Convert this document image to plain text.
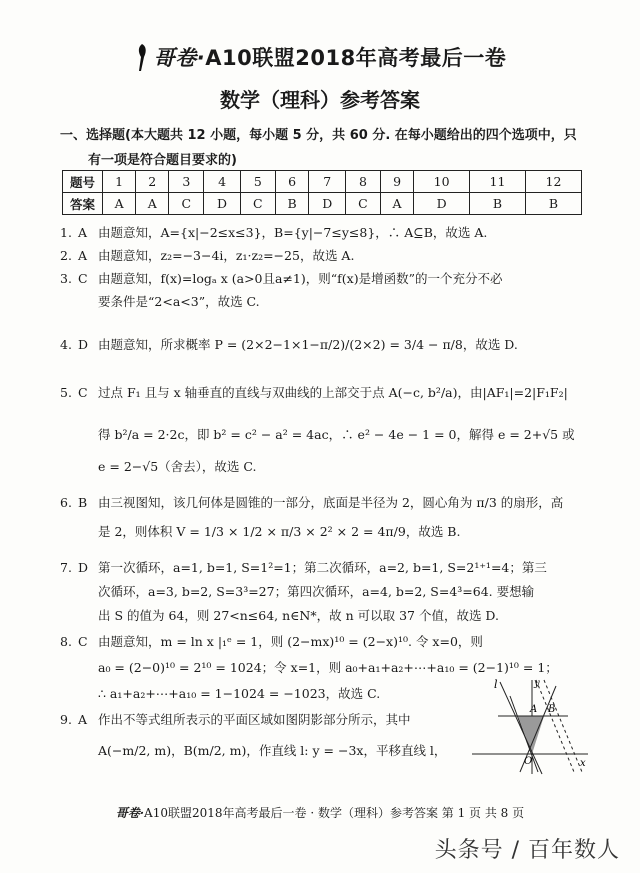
哥卷·A10联盟2018年高考最后一卷
数学（理科）参考答案
一、选择题(本大题共 12 小题，每小题 5 分，共 60 分. 在每小题给出的四个选项中，只
有一项是符合题目要求的)
题号	1	2	3	4	5	6	7	8	9	10	11	12
答案	A	A	C	D	C	B	D	C	A	D	B	B
1. A 由题意知，A={x|−2≤x≤3}，B={y|−7≤y≤8}，∴ A⊆B，故选 A.
2. A 由题意知，z₂=−3−4i，z₁·z₂=−25，故选 A.
3. C 由题意知，f(x)=logₐ x (a>0且a≠1)，则“f(x)是增函数”的一个充分不必
要条件是“2<a<3”，故选 C.
4. D 由题意知，所求概率 P = (2×2−1×1−π/2)/(2×2) = 3/4 − π/8，故选 D.
5. C 过点 F₁ 且与 x 轴垂直的直线与双曲线的上部交于点 A(−c, b²/a)，由|AF₁|=2|F₁F₂|
得 b²/a = 2·2c，即 b² = c² − a² = 4ac，∴ e² − 4e − 1 = 0，解得 e = 2+√5 或
e = 2−√5（舍去），故选 C.
6. B 由三视图知，该几何体是圆锥的一部分，底面是半径为 2，圆心角为 π/3 的扇形，高
是 2，则体积 V = 1/3 × 1/2 × π/3 × 2² × 2 = 4π/9，故选 B.
7. D 第一次循环，a=1, b=1, S=1²=1；第二次循环，a=2, b=1, S=2¹⁺¹=4；第三
次循环，a=3, b=2, S=3³=27；第四次循环，a=4, b=2, S=4³=64. 要想输
出 S 的值为 64，则 27<n≤64, n∈N*，故 n 可以取 37 个值，故选 D.
8. C 由题意知，m = ln x |₁ᵉ = 1，则 (2−mx)¹⁰ = (2−x)¹⁰. 令 x=0，则
a₀ = (2−0)¹⁰ = 2¹⁰ = 1024；令 x=1，则 a₀+a₁+a₂+⋯+a₁₀ = (2−1)¹⁰ = 1；
∴ a₁+a₂+⋯+a₁₀ = 1−1024 = −1023，故选 C.
9. A 作出不等式组所表示的平面区域如图阴影部分所示，其中
A(−m/2, m)，B(m/2, m)，作直线 l: y = −3x，平移直线 l，
l	y
A B
O	x
哥卷·A10联盟2018年高考最后一卷 · 数学（理科）参考答案 第 1 页 共 8 页
头条号 / 百年数人
